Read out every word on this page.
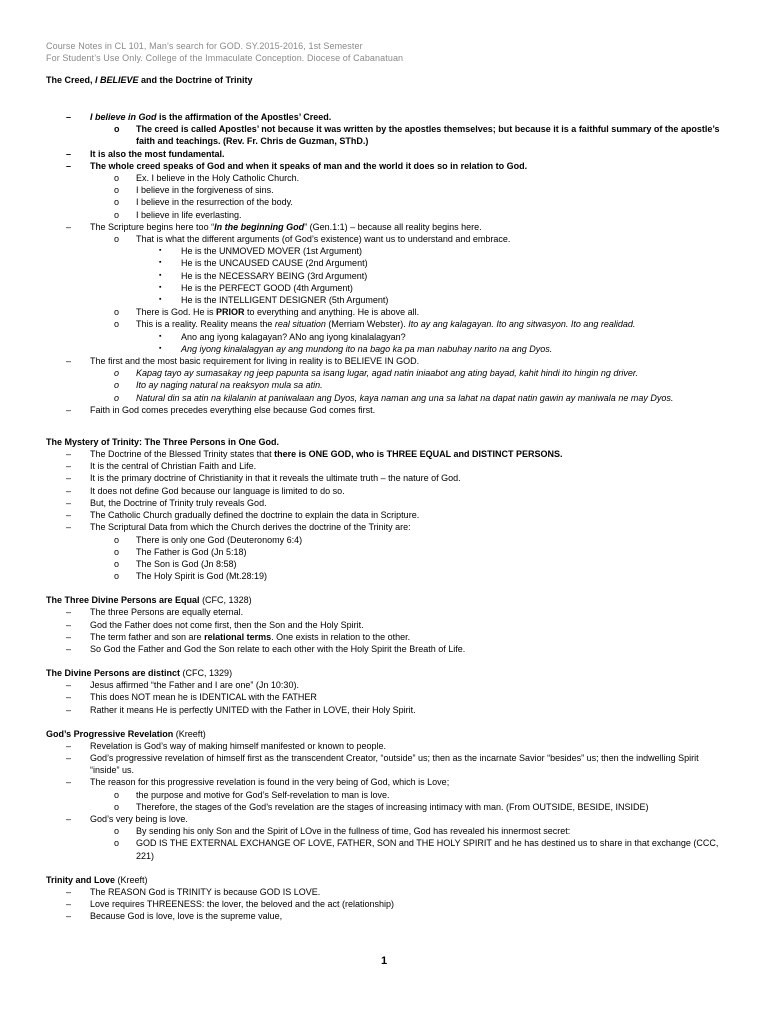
Course Notes in CL 101, Man’s search for GOD. SY.2015-2016, 1st Semester
For Student’s Use Only. College of the Immaculate Conception. Diocese of Cabanatuan
The Creed, I BELIEVE and the Doctrine of Trinity
– I believe in God is the affirmation of the Apostles’ Creed.
o The creed is called Apostles’ not because it was written by the apostles themselves; but because it is a faithful summary of the apostle’s faith and teachings. (Rev. Fr. Chris de Guzman, SThD.)
– It is also the most fundamental.
– The whole creed speaks of God and when it speaks of man and the world it does so in relation to God.
o Ex. I believe in the Holy Catholic Church.
o I believe in the forgiveness of sins.
o I believe in the resurrection of the body.
o I believe in life everlasting.
– The Scripture begins here too “In the beginning God” (Gen.1:1) – because all reality begins here.
o That is what the different arguments (of God’s existence) want us to understand and embrace.
▪ He is the UNMOVED MOVER (1st Argument)
▪ He is the UNCAUSED CAUSE (2nd Argument)
▪ He is the NECESSARY BEING (3rd Argument)
▪ He is the PERFECT GOOD (4th Argument)
▪ He is the INTELLIGENT DESIGNER (5th Argument)
o There is God. He is PRIOR to everything and anything. He is above all.
o This is a reality. Reality means the real situation (Merriam Webster). Ito ay ang kalagayan. Ito ang sitwasyon. Ito ang realidad.
▪ Ano ang iyong kalagayan? ANo ang iyong kinalalagyan?
▪ Ang iyong kinalalagyan ay ang mundong ito na bago ka pa man nabuhay narito na ang Dyos.
– The first and the most basic requirement for living in reality is to BELIEVE IN GOD.
o Kapag tayo ay sumasakay ng jeep papunta sa isang lugar, agad natin iniaabot ang ating bayad, kahit hindi ito hingin ng driver.
o Ito ay naging natural na reaksyon mula sa atin.
o Natural din sa atin na kilalanin at paniwalaan ang Dyos, kaya naman ang una sa lahat na dapat natin gawin ay maniwala ne may Dyos.
– Faith in God comes precedes everything else because God comes first.
The Mystery of Trinity: The Three Persons in One God.
– The Doctrine of the Blessed Trinity states that there is ONE GOD, who is THREE EQUAL and DISTINCT PERSONS.
– It is the central of Christian Faith and Life.
– It is the primary doctrine of Christianity in that it reveals the ultimate truth – the nature of God.
– It does not define God because our language is limited to do so.
– But, the Doctrine of Trinity truly reveals God.
– The Catholic Church gradually defined the doctrine to explain the data in Scripture.
– The Scriptural Data from which the Church derives the doctrine of the Trinity are:
o There is only one God (Deuteronomy 6:4)
o The Father is God (Jn 5:18)
o The Son is God (Jn 8:58)
o The Holy Spirit is God (Mt.28:19)
The Three Divine Persons are Equal (CFC, 1328)
– The three Persons are equally eternal.
– God the Father does not come first, then the Son and the Holy Spirit.
– The term father and son are relational terms. One exists in relation to the other.
– So God the Father and God the Son relate to each other with the Holy Spirit the Breath of Life.
The Divine Persons are distinct (CFC, 1329)
– Jesus affirmed “the Father and I are one” (Jn 10:30).
– This does NOT mean he is IDENTICAL with the FATHER
– Rather it means He is perfectly UNITED with the Father in LOVE, their Holy Spirit.
God’s Progressive Revelation (Kreeft)
– Revelation is God’s way of making himself manifested or known to people.
– God’s progressive revelation of himself first as the transcendent Creator, “outside” us; then as the incarnate Savior “besides” us; then the indwelling Spirit “inside” us.
– The reason for this progressive revelation is found in the very being of God, which is Love;
o the purpose and motive for God’s Self-revelation to man is love.
o Therefore, the stages of the God’s revelation are the stages of increasing intimacy with man. (From OUTSIDE, BESIDE, INSIDE)
– God’s very being is love.
o By sending his only Son and the Spirit of LOve in the fullness of time, God has revealed his innermost secret:
o GOD IS THE EXTERNAL EXCHANGE OF LOVE, FATHER, SON and THE HOLY SPIRIT and he has destined us to share in that exchange (CCC, 221)
Trinity and Love (Kreeft)
– The REASON God is TRINITY is because GOD IS LOVE.
– Love requires THREENESS: the lover, the beloved and the act (relationship)
– Because God is love, love is the supreme value,
1
